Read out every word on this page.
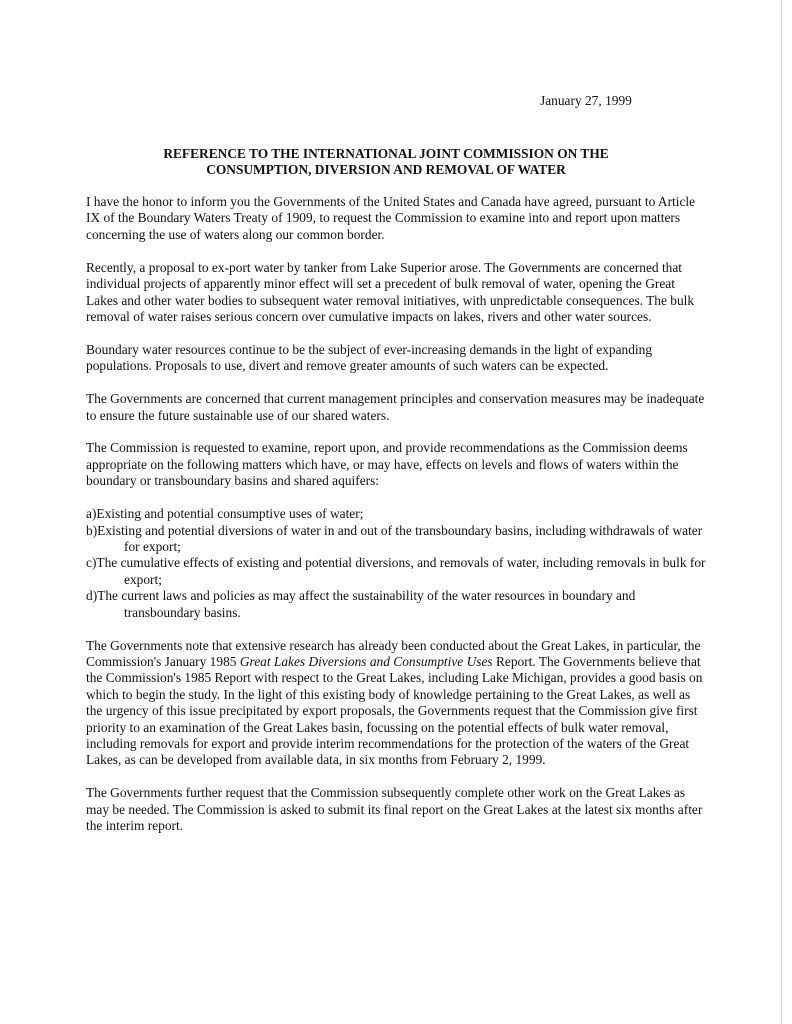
January 27, 1999
REFERENCE TO THE INTERNATIONAL JOINT COMMISSION ON THE
CONSUMPTION, DIVERSION AND REMOVAL OF WATER

I have the honor to inform you the Governments of the United States and Canada have agreed, pursuant to Article IX of the Boundary Waters Treaty of 1909, to request the Commission to examine into and report upon matters concerning the use of waters along our common border.

Recently, a proposal to ex-port water by tanker from Lake Superior arose. The Governments are concerned that individual projects of apparently minor effect will set a precedent of bulk removal of water, opening the Great Lakes and other water bodies to subsequent water removal initiatives, with unpredictable consequences. The bulk removal of water raises serious concern over cumulative impacts on lakes, rivers and other water sources.

Boundary water resources continue to be the subject of ever-increasing demands in the light of expanding populations. Proposals to use, divert and remove greater amounts of such waters can be expected.

The Governments are concerned that current management principles and conservation measures may be inadequate to ensure the future sustainable use of our shared waters.

The Commission is requested to examine, report upon, and provide recommendations as the Commission deems appropriate on the following matters which have, or may have, effects on levels and flows of waters within the boundary or transboundary basins and shared aquifers:

a)Existing and potential consumptive uses of water;

b)Existing and potential diversions of water in and out of the transboundary basins, including withdrawals of water for export;

c)The cumulative effects of existing and potential diversions, and removals of water, including removals in bulk for export;

d)The current laws and policies as may affect the sustainability of the water resources in boundary and transboundary basins.

The Governments note that extensive research has already been conducted about the Great Lakes, in particular, the Commission's January 1985 Great Lakes Diversions and Consumptive Uses Report. The Governments believe that the Commission's 1985 Report with respect to the Great Lakes, including Lake Michigan, provides a good basis on which to begin the study. In the light of this existing body of knowledge pertaining to the Great Lakes, as well as the urgency of this issue precipitated by export proposals, the Governments request that the Commission give first priority to an examination of the Great Lakes basin, focussing on the potential effects of bulk water removal, including removals for export and provide interim recommendations for the protection of the waters of the Great Lakes, as can be developed from available data, in six months from February 2, 1999.

The Governments further request that the Commission subsequently complete other work on the Great Lakes as may be needed. The Commission is asked to submit its final report on the Great Lakes at the latest six months after the interim report.
